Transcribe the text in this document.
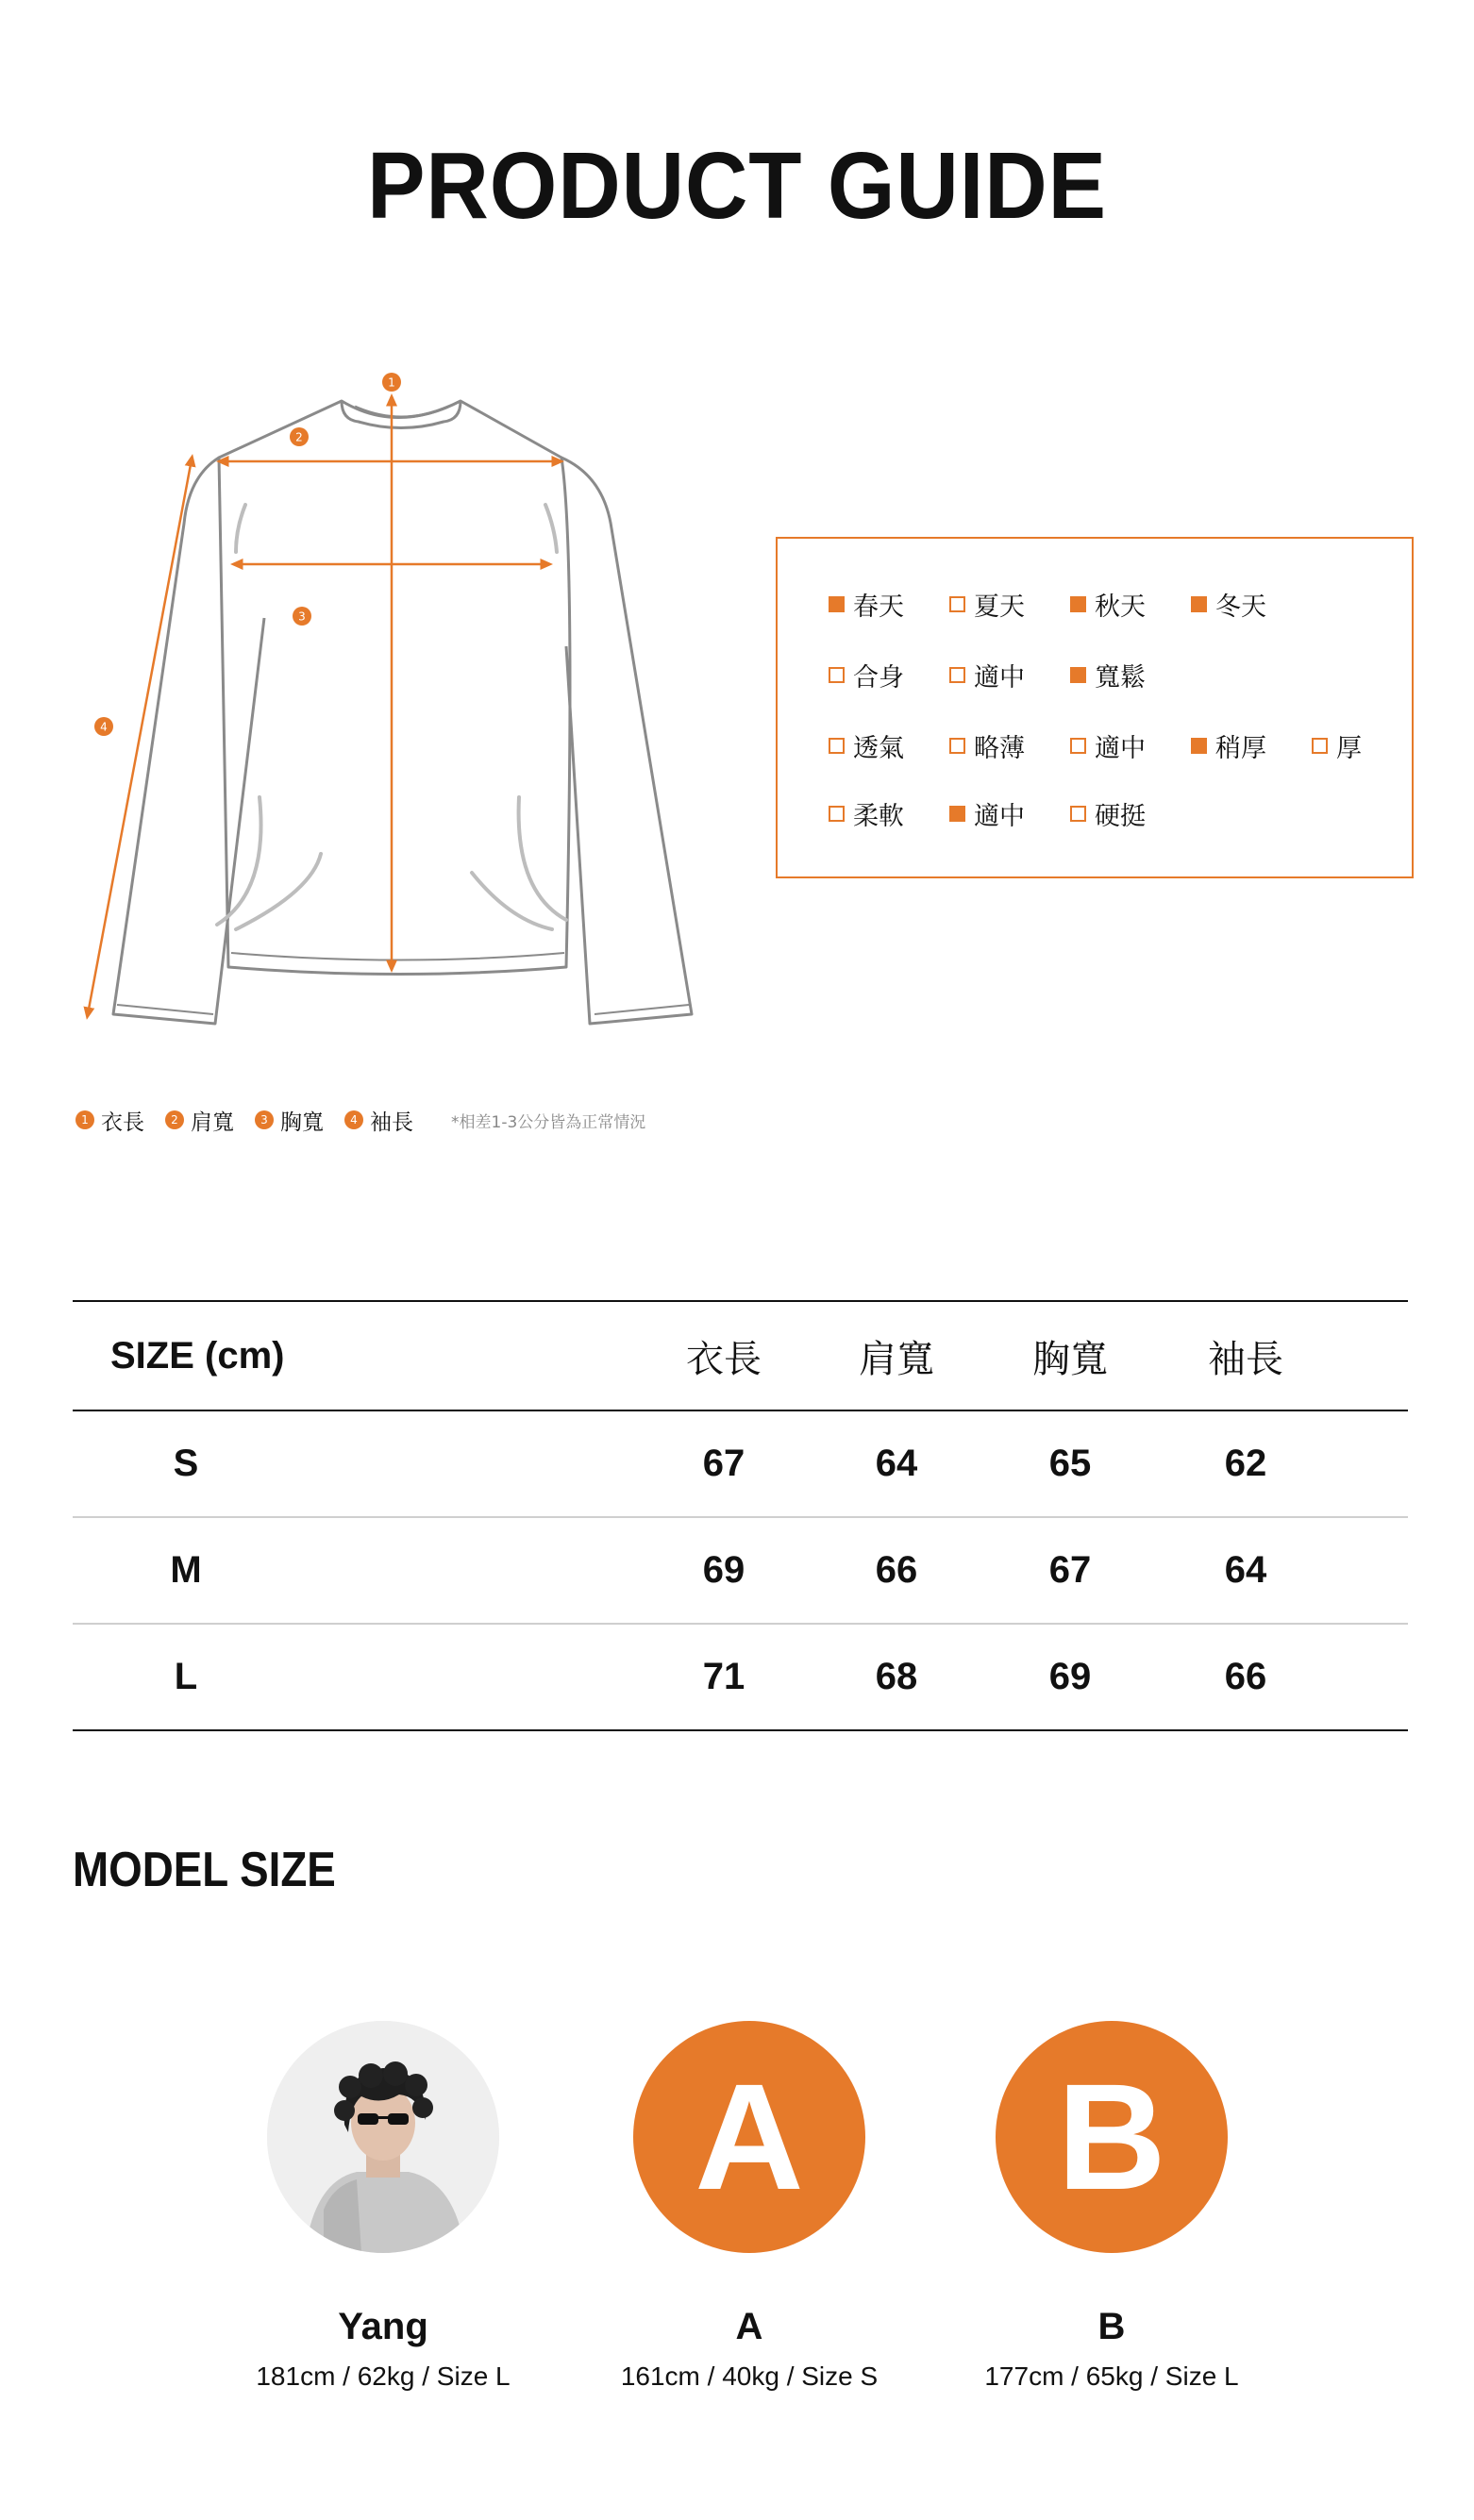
PRODUCT GUIDE
1
2
3
4
1 衣長	2 肩寬	3 胸寬	4 袖長 *相差1-3公分皆為正常情況
春天	夏天	秋天	冬天
合身	適中	寬鬆
透氣	略薄	適中	稍厚	厚
柔軟	適中	硬挺
SIZE (cm)	衣長	肩寬	胸寬	袖長
S	67	64	65	62
M	69	66	67	64
L	71	68	69	66
MODEL SIZE
Yang
181cm / 62kg / Size L
A
A
161cm / 40kg / Size S
B
B
177cm / 65kg / Size L
